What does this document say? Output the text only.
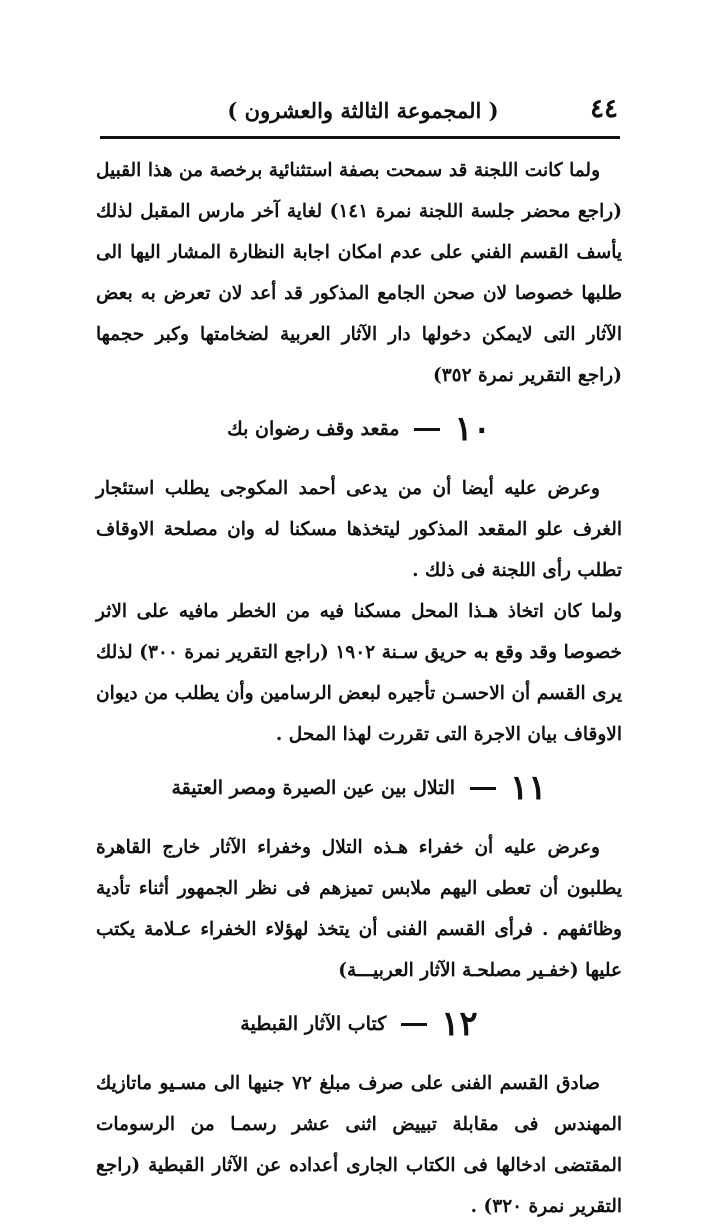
٤٤
( المجموعة الثالثة والعشرون )

ولما كانت اللجنة قد سمحت بصفة استثنائية برخصة من هذا القبيل (راجع محضر جلسة اللجنة نمرة ١٤١) لغاية آخر مارس المقبل لذلك يأسف القسم الفني على عدم امكان اجابة النظارة المشار اليها الى طلبها خصوصا لان صحن الجامع المذكور قد أعد لان تعرض به بعض الآثار التى لايمكن دخولها دار الآثار العربية لضخامتها وكبر حجمها (راجع التقرير نمرة ٣٥٢)

١٠  مقعد وقف رضوان بك

وعرض عليه أيضا أن من يدعى أحمد المكوجى يطلب استئجار الغرف علو المقعد المذكور ليتخذها مسكنا له وان مصلحة الاوقاف تطلب رأى اللجنة فى ذلك .

ولما كان اتخاذ هـذا المحل مسكنا فيه من الخطر مافيه على الاثر خصوصا وقد وقع به حريق سـنة ١٩٠٢ (راجع التقرير نمرة ٣٠٠) لذلك يرى القسم أن الاحسـن تأجيره لبعض الرسامين وأن يطلب من ديوان الاوقاف بيان الاجرة التى تقررت لهذا المحل .

١١  التلال بين عين الصيرة ومصر العتيقة

وعرض عليه أن خفراء هـذه التلال وخفراء الآثار خارج القاهرة يطلبون أن تعطى اليهم ملابس تميزهم فى نظر الجمهور أثناء تأدية وظائفهم . فرأى القسم الفنى أن يتخذ لهؤلاء الخفراء عـلامة يكتب عليها (خفـير مصلحـة الآثار العربيـــة)

١٢  كتاب الآثار القبطية

صادق القسم الفنى على صرف مبلغ ٧٢ جنيها الى مسـيو ماتازيك المهندس فى مقابلة تبييض اثنى عشر رسمـا من الرسومات المقتضى ادخالها فى الكتاب الجارى أعداده عن الآثار القبطية (راجع التقرير نمرة ٣٢٠) .
